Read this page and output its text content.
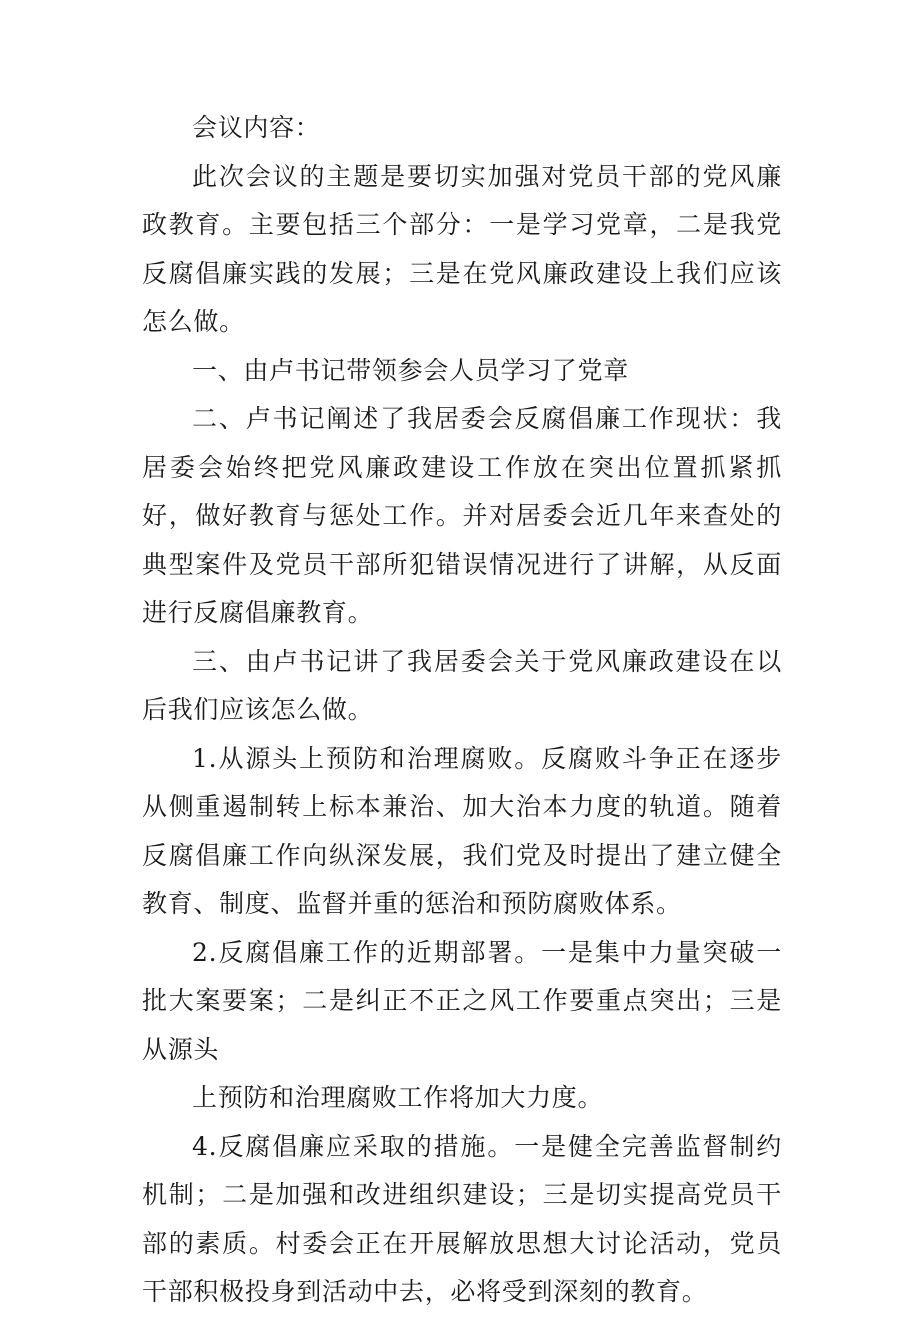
会议内容：

此次会议的主题是要切实加强对党员干部的党风廉政教育。主要包括三个部分：一是学习党章，二是我党反腐倡廉实践的发展；三是在党风廉政建设上我们应该怎么做。

一、由卢书记带领参会人员学习了党章

二、卢书记阐述了我居委会反腐倡廉工作现状：我居委会始终把党风廉政建设工作放在突出位置抓紧抓好，做好教育与惩处工作。并对居委会近几年来查处的典型案件及党员干部所犯错误情况进行了讲解，从反面进行反腐倡廉教育。

三、由卢书记讲了我居委会关于党风廉政建设在以后我们应该怎么做。

1.从源头上预防和治理腐败。反腐败斗争正在逐步从侧重遏制转上标本兼治、加大治本力度的轨道。随着反腐倡廉工作向纵深发展，我们党及时提出了建立健全教育、制度、监督并重的惩治和预防腐败体系。

2.反腐倡廉工作的近期部署。一是集中力量突破一批大案要案；二是纠正不正之风工作要重点突出；三是从源头

上预防和治理腐败工作将加大力度。

4.反腐倡廉应采取的措施。一是健全完善监督制约机制；二是加强和改进组织建设；三是切实提高党员干部的素质。村委会正在开展解放思想大讨论活动，党员干部积极投身到活动中去，必将受到深刻的教育。
